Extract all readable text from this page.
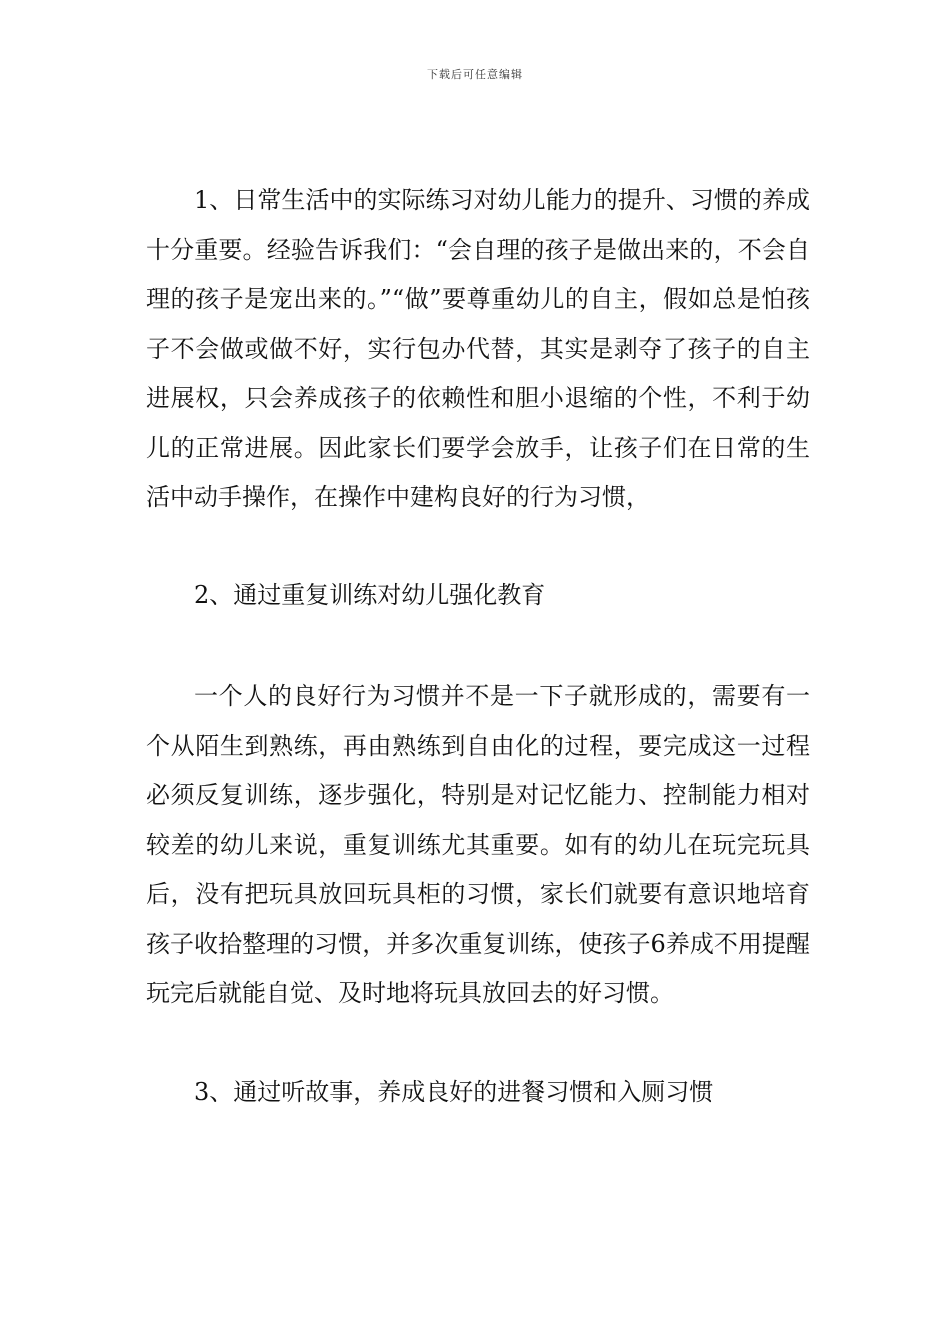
下载后可任意编辑

1、日常生活中的实际练习对幼儿能力的提升、习惯的养成十分重要。经验告诉我们：“会自理的孩子是做出来的，不会自理的孩子是宠出来的。”“做”要尊重幼儿的自主，假如总是怕孩子不会做或做不好，实行包办代替，其实是剥夺了孩子的自主进展权，只会养成孩子的依赖性和胆小退缩的个性，不利于幼儿的正常进展。因此家长们要学会放手，让孩子们在日常的生活中动手操作，在操作中建构良好的行为习惯，

2、通过重复训练对幼儿强化教育

一个人的良好行为习惯并不是一下子就形成的，需要有一个从陌生到熟练，再由熟练到自由化的过程，要完成这一过程必须反复训练，逐步强化，特别是对记忆能力、控制能力相对较差的幼儿来说，重复训练尤其重要。如有的幼儿在玩完玩具后，没有把玩具放回玩具柜的习惯，家长们就要有意识地培育孩子收拾整理的习惯，并多次重复训练，使孩子6养成不用提醒玩完后就能自觉、及时地将玩具放回去的好习惯。

3、通过听故事，养成良好的进餐习惯和入厕习惯
